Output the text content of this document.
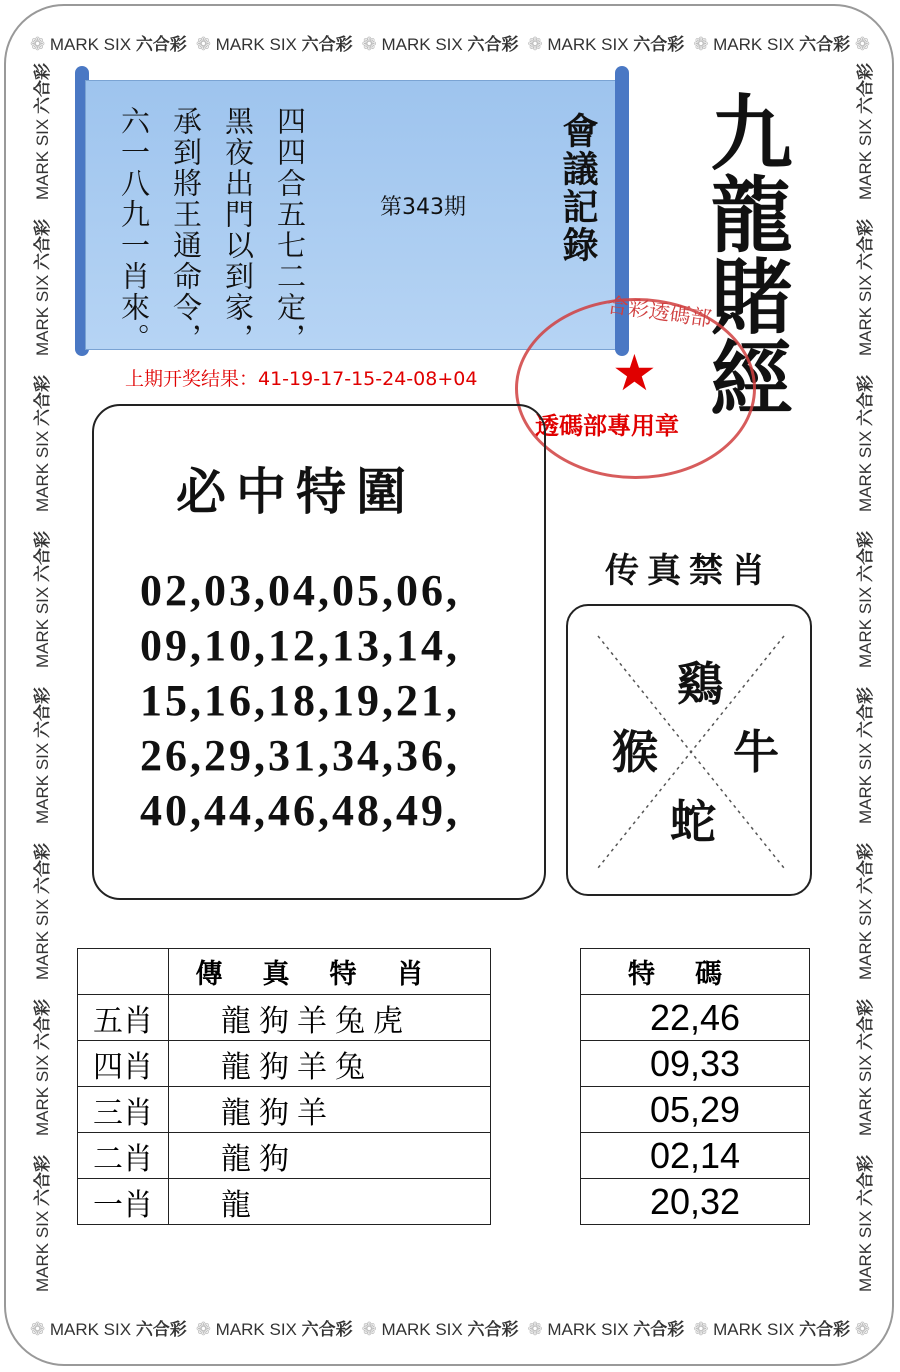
❁ MARK SIX 六合彩 ❁ MARK SIX 六合彩 ❁ MARK SIX 六合彩 ❁ MARK SIX 六合彩 ❁ MARK SIX 六合彩 ❁
❁ MARK SIX 六合彩 ❁ MARK SIX 六合彩 ❁ MARK SIX 六合彩 ❁ MARK SIX 六合彩 ❁ MARK SIX 六合彩 ❁
MARK SIX 六合彩
MARK SIX 六合彩
MARK SIX 六合彩
MARK SIX 六合彩
MARK SIX 六合彩
MARK SIX 六合彩
MARK SIX 六合彩
MARK SIX 六合彩
MARK SIX 六合彩
MARK SIX 六合彩
MARK SIX 六合彩
MARK SIX 六合彩
MARK SIX 六合彩
MARK SIX 六合彩
MARK SIX 六合彩
MARK SIX 六合彩
四四合五七二定，
黑夜出門以到家，
承到將王通命令，
六一八九一肖來。	第343期	會議記錄 九龍賭經
上期开奖结果：41-19-17-15-24-08+04
合彩透碼部
★
透碼部專用章
必中特圍
02,03,04,05,06,
09,10,12,13,14,
15,16,18,19,21,
26,29,31,34,36,
40,44,46,48,49,
传真禁肖
鷄
猴 牛
蛇
	傳真特肖
五肖	龍狗羊兔虎
四肖	龍狗羊兔
三肖	龍狗羊
二肖	龍狗
一肖	龍
特碼
22,46
09,33
05,29
02,14
20,32
